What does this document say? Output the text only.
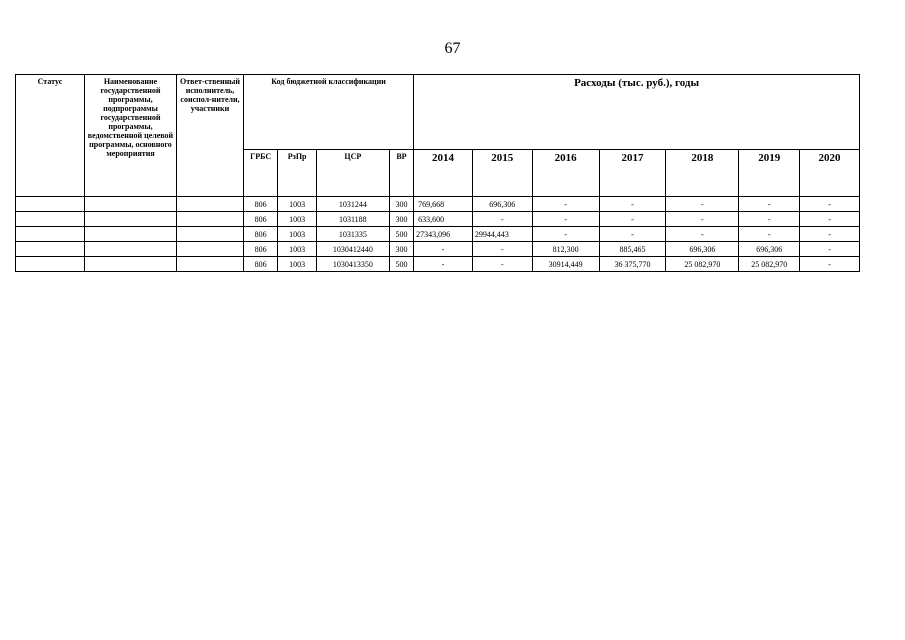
67
Статус	Наименование государственной программы, подпрограммы государственной программы, ведомственной целевой программы, основного мероприятия	Ответ-ственный исполнитель, соиспол-нители, участники	Код бюджетной классификации				Расходы (тыс. руб.), годы						
			ГРБС	РзПр	ЦСР	ВР	2014	2015	2016	2017	2018	2019	2020
			806	1003	1031244	300	769,668	696,306	-	-	-	-	-
			806	1003	1031188	300	633,600	-	-	-	-	-	-
			806	1003	1031335	500	27343,096	29944,443	-	-	-	-	-
			806	1003	1030412440	300	-	-	812,300	885,465	696,306	696,306	-
			806	1003	1030413350	500	-	-	30914,449	36 375,770	25 082,970	25 082,970	-
